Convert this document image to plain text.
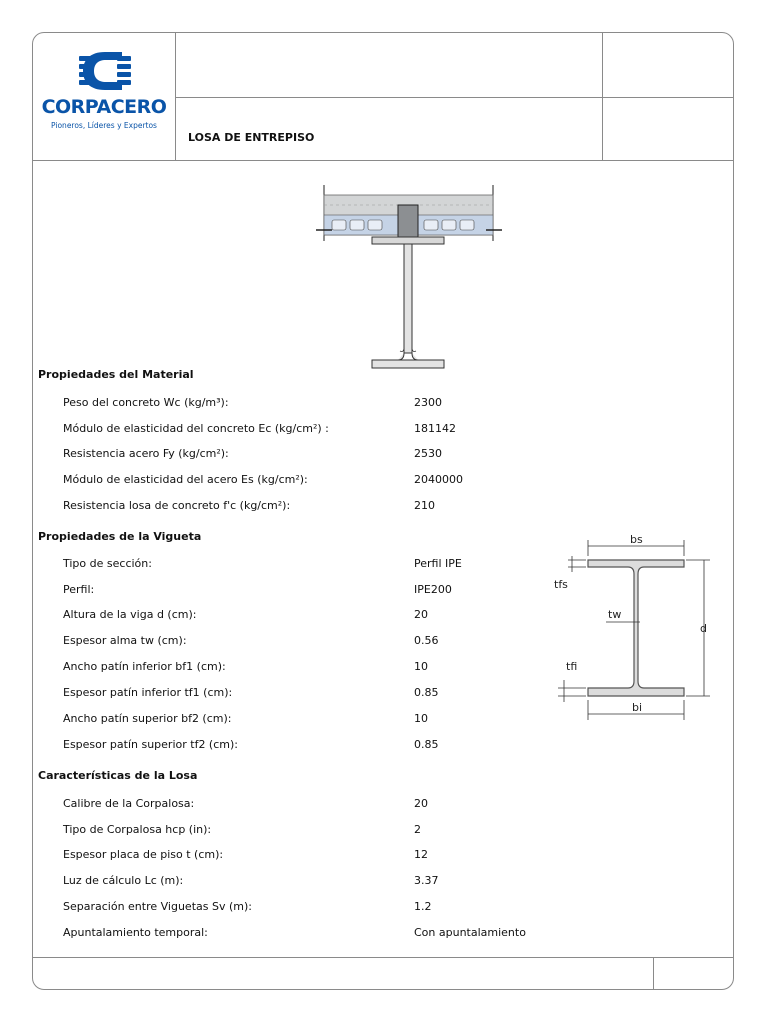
CORPACERO
Pioneros, Líderes y Expertos
LOSA DE ENTREPISO
Propiedades del Material
Peso del concreto Wc (kg/m³):	2300
Módulo de elasticidad del concreto Ec (kg/cm²) :	181142
Resistencia acero Fy (kg/cm²):	2530
Módulo de elasticidad del acero Es (kg/cm²):	2040000
Resistencia losa de concreto f'c (kg/cm²):	210
Propiedades de la Vigueta
Tipo de sección:	Perfil IPE
Perfil:	IPE200
Altura de la viga d (cm):	20
Espesor alma tw (cm):	0.56
Ancho patín inferior bf1 (cm):	10
Espesor patín inferior tf1 (cm):	0.85
Ancho patín superior bf2 (cm):	10
Espesor patín superior tf2 (cm):	0.85
bs
tfs
tw
d
tfi
bi
Características de la Losa
Calibre de la Corpalosa:	20
Tipo de Corpalosa hcp (in):	2
Espesor placa de piso t (cm):	12
Luz de cálculo Lc (m):	3.37
Separación entre Viguetas Sv (m):	1.2
Apuntalamiento temporal:	Con apuntalamiento
